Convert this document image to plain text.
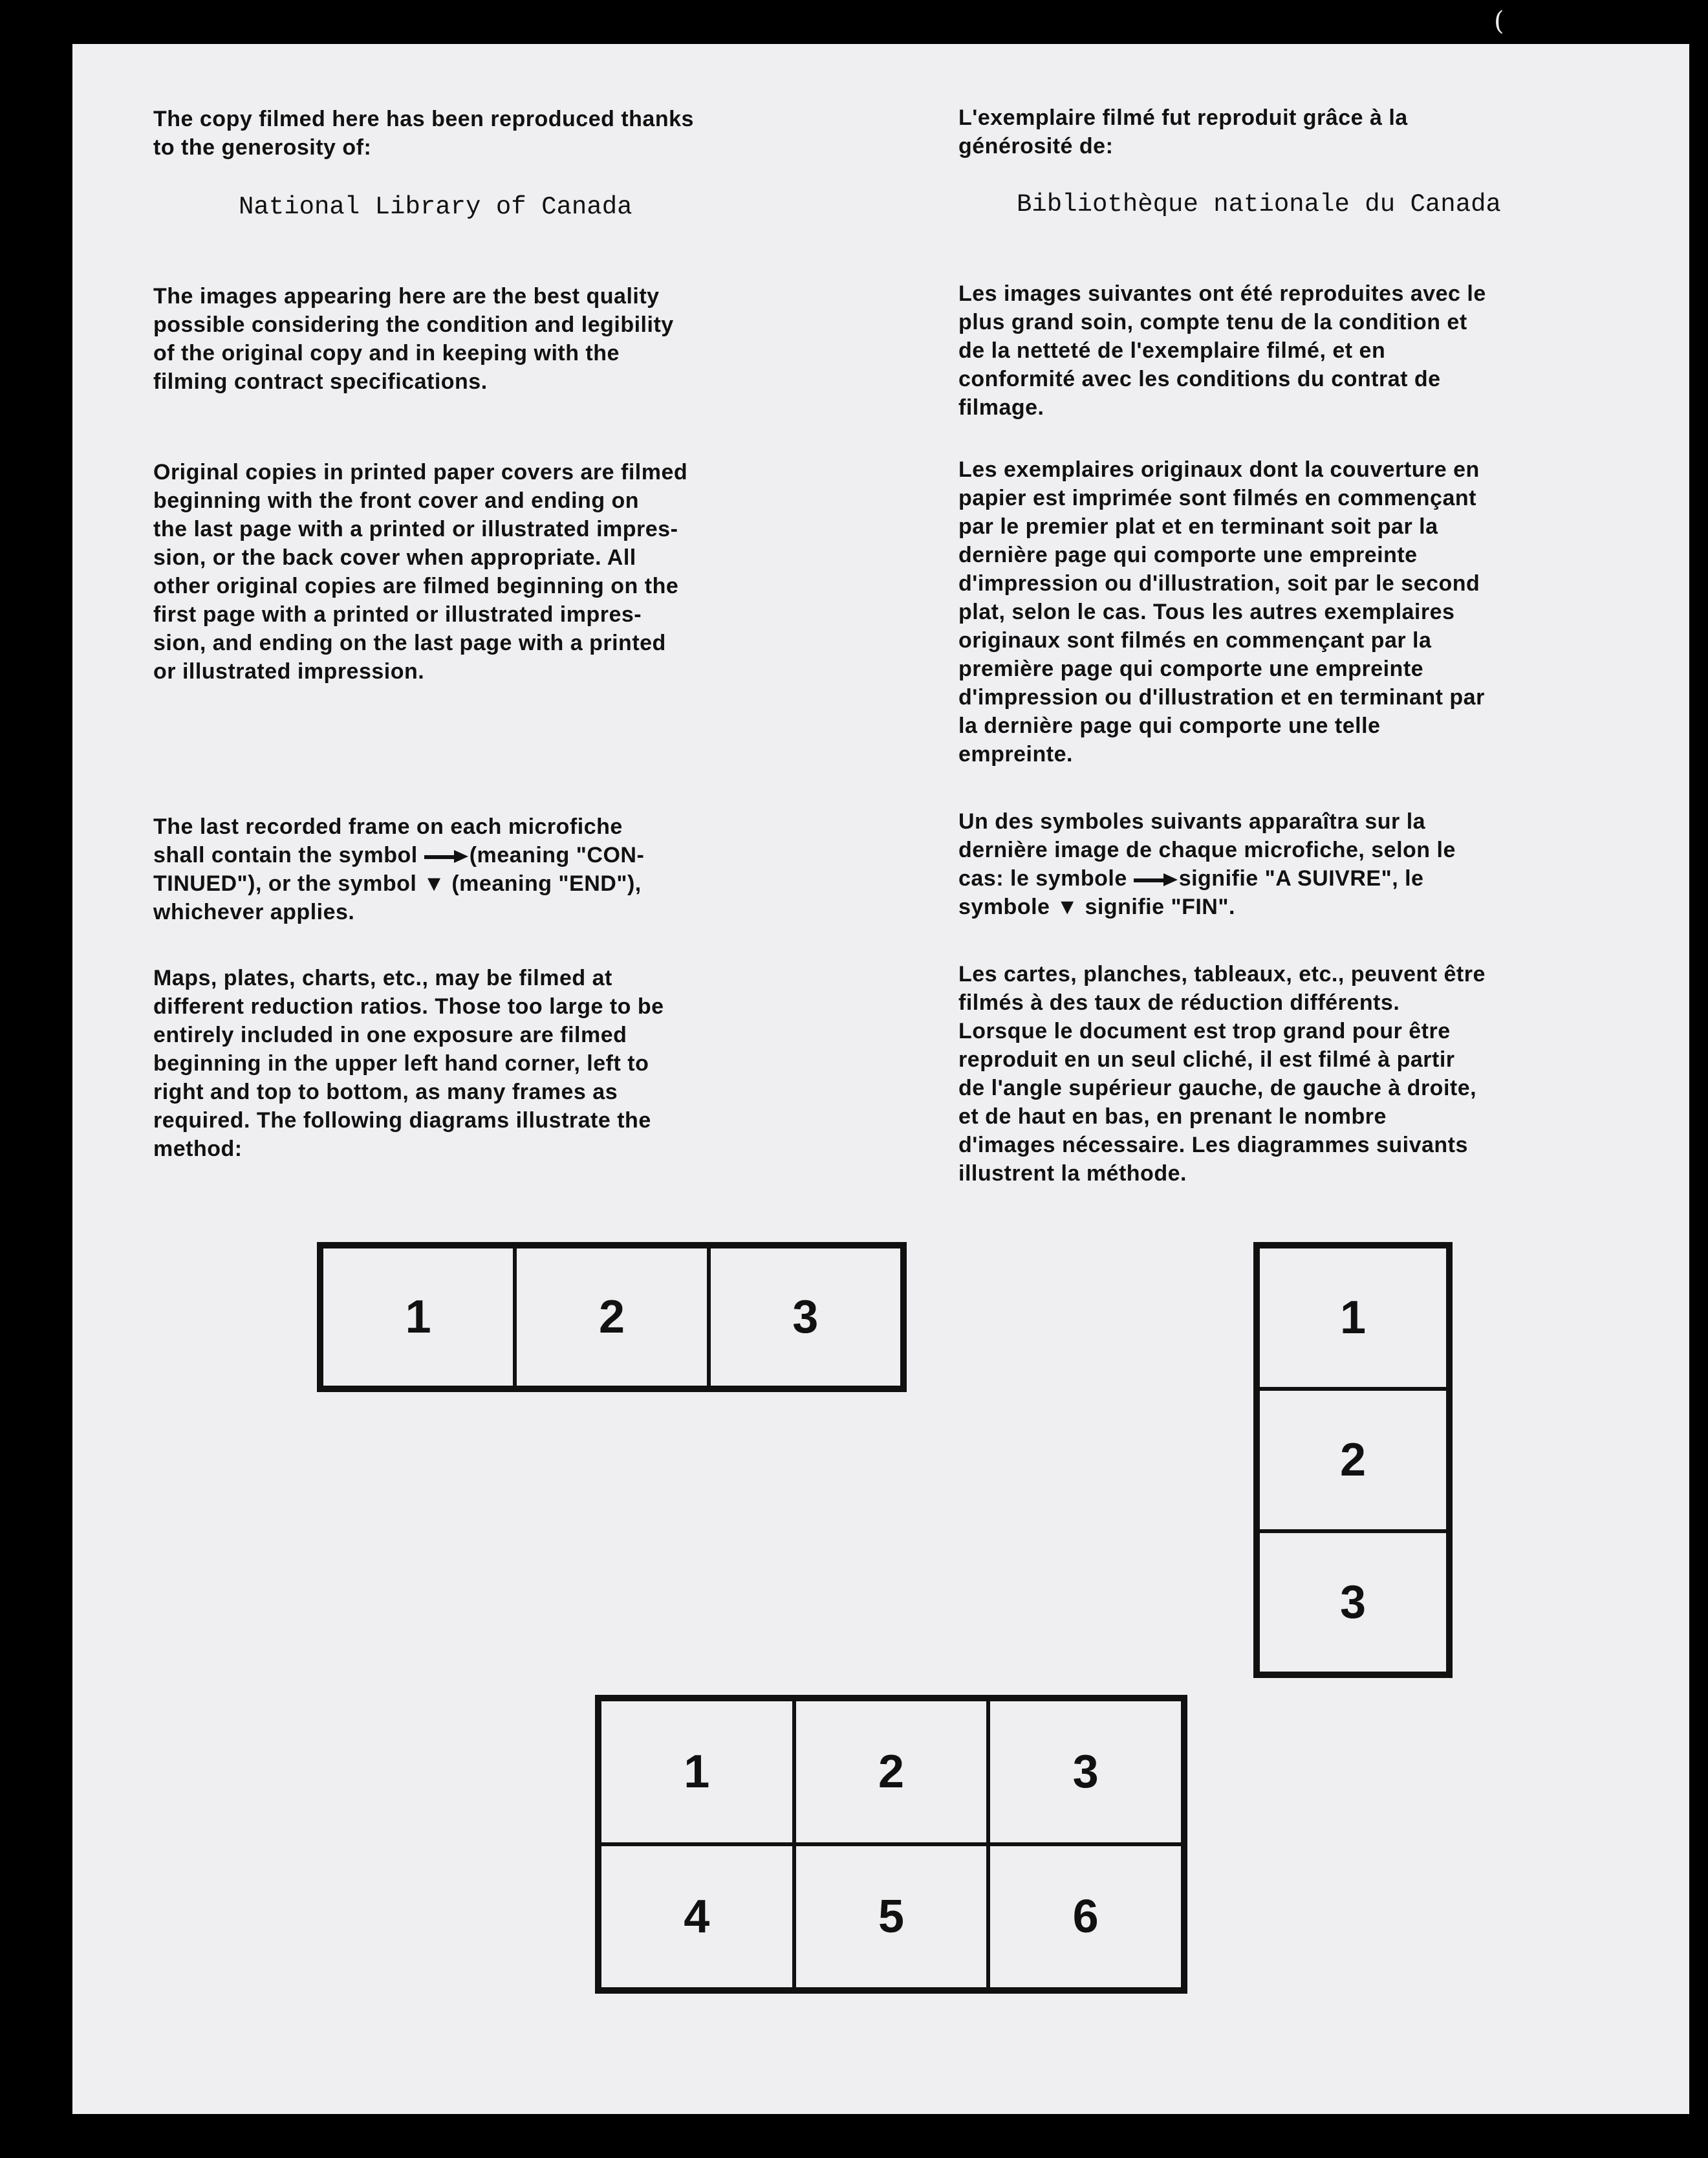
(

The copy filmed here has been reproduced thanks
to the generosity of:

National Library of Canada

The images appearing here are the best quality
possible considering the condition and legibility
of the original copy and in keeping with the
filming contract specifications.

Original copies in printed paper covers are filmed
beginning with the front cover and ending on
the last page with a printed or illustrated impres-
sion, or the back cover when appropriate. All
other original copies are filmed beginning on the
first page with a printed or illustrated impres-
sion, and ending on the last page with a printed
or illustrated impression.

The last recorded frame on each microfiche
shall contain the symbol (meaning "CON-
TINUED"), or the symbol ▼ (meaning "END"),
whichever applies.

Maps, plates, charts, etc., may be filmed at
different reduction ratios. Those too large to be
entirely included in one exposure are filmed
beginning in the upper left hand corner, left to
right and top to bottom, as many frames as
required. The following diagrams illustrate the
method:

L'exemplaire filmé fut reproduit grâce à la
générosité de:

Bibliothèque nationale du Canada

Les images suivantes ont été reproduites avec le
plus grand soin, compte tenu de la condition et
de la netteté de l'exemplaire filmé, et en
conformité avec les conditions du contrat de
filmage.

Les exemplaires originaux dont la couverture en
papier est imprimée sont filmés en commençant
par le premier plat et en terminant soit par la
dernière page qui comporte une empreinte
d'impression ou d'illustration, soit par le second
plat, selon le cas. Tous les autres exemplaires
originaux sont filmés en commençant par la
première page qui comporte une empreinte
d'impression ou d'illustration et en terminant par
la dernière page qui comporte une telle
empreinte.

Un des symboles suivants apparaîtra sur la
dernière image de chaque microfiche, selon le
cas: le symbole signifie "A SUIVRE", le
symbole ▼ signifie "FIN".

Les cartes, planches, tableaux, etc., peuvent être
filmés à des taux de réduction différents.
Lorsque le document est trop grand pour être
reproduit en un seul cliché, il est filmé à partir
de l'angle supérieur gauche, de gauche à droite,
et de haut en bas, en prenant le nombre
d'images nécessaire. Les diagrammes suivants
illustrent la méthode.

1	2	3	1
2
3
1	2	3
4	5	6
